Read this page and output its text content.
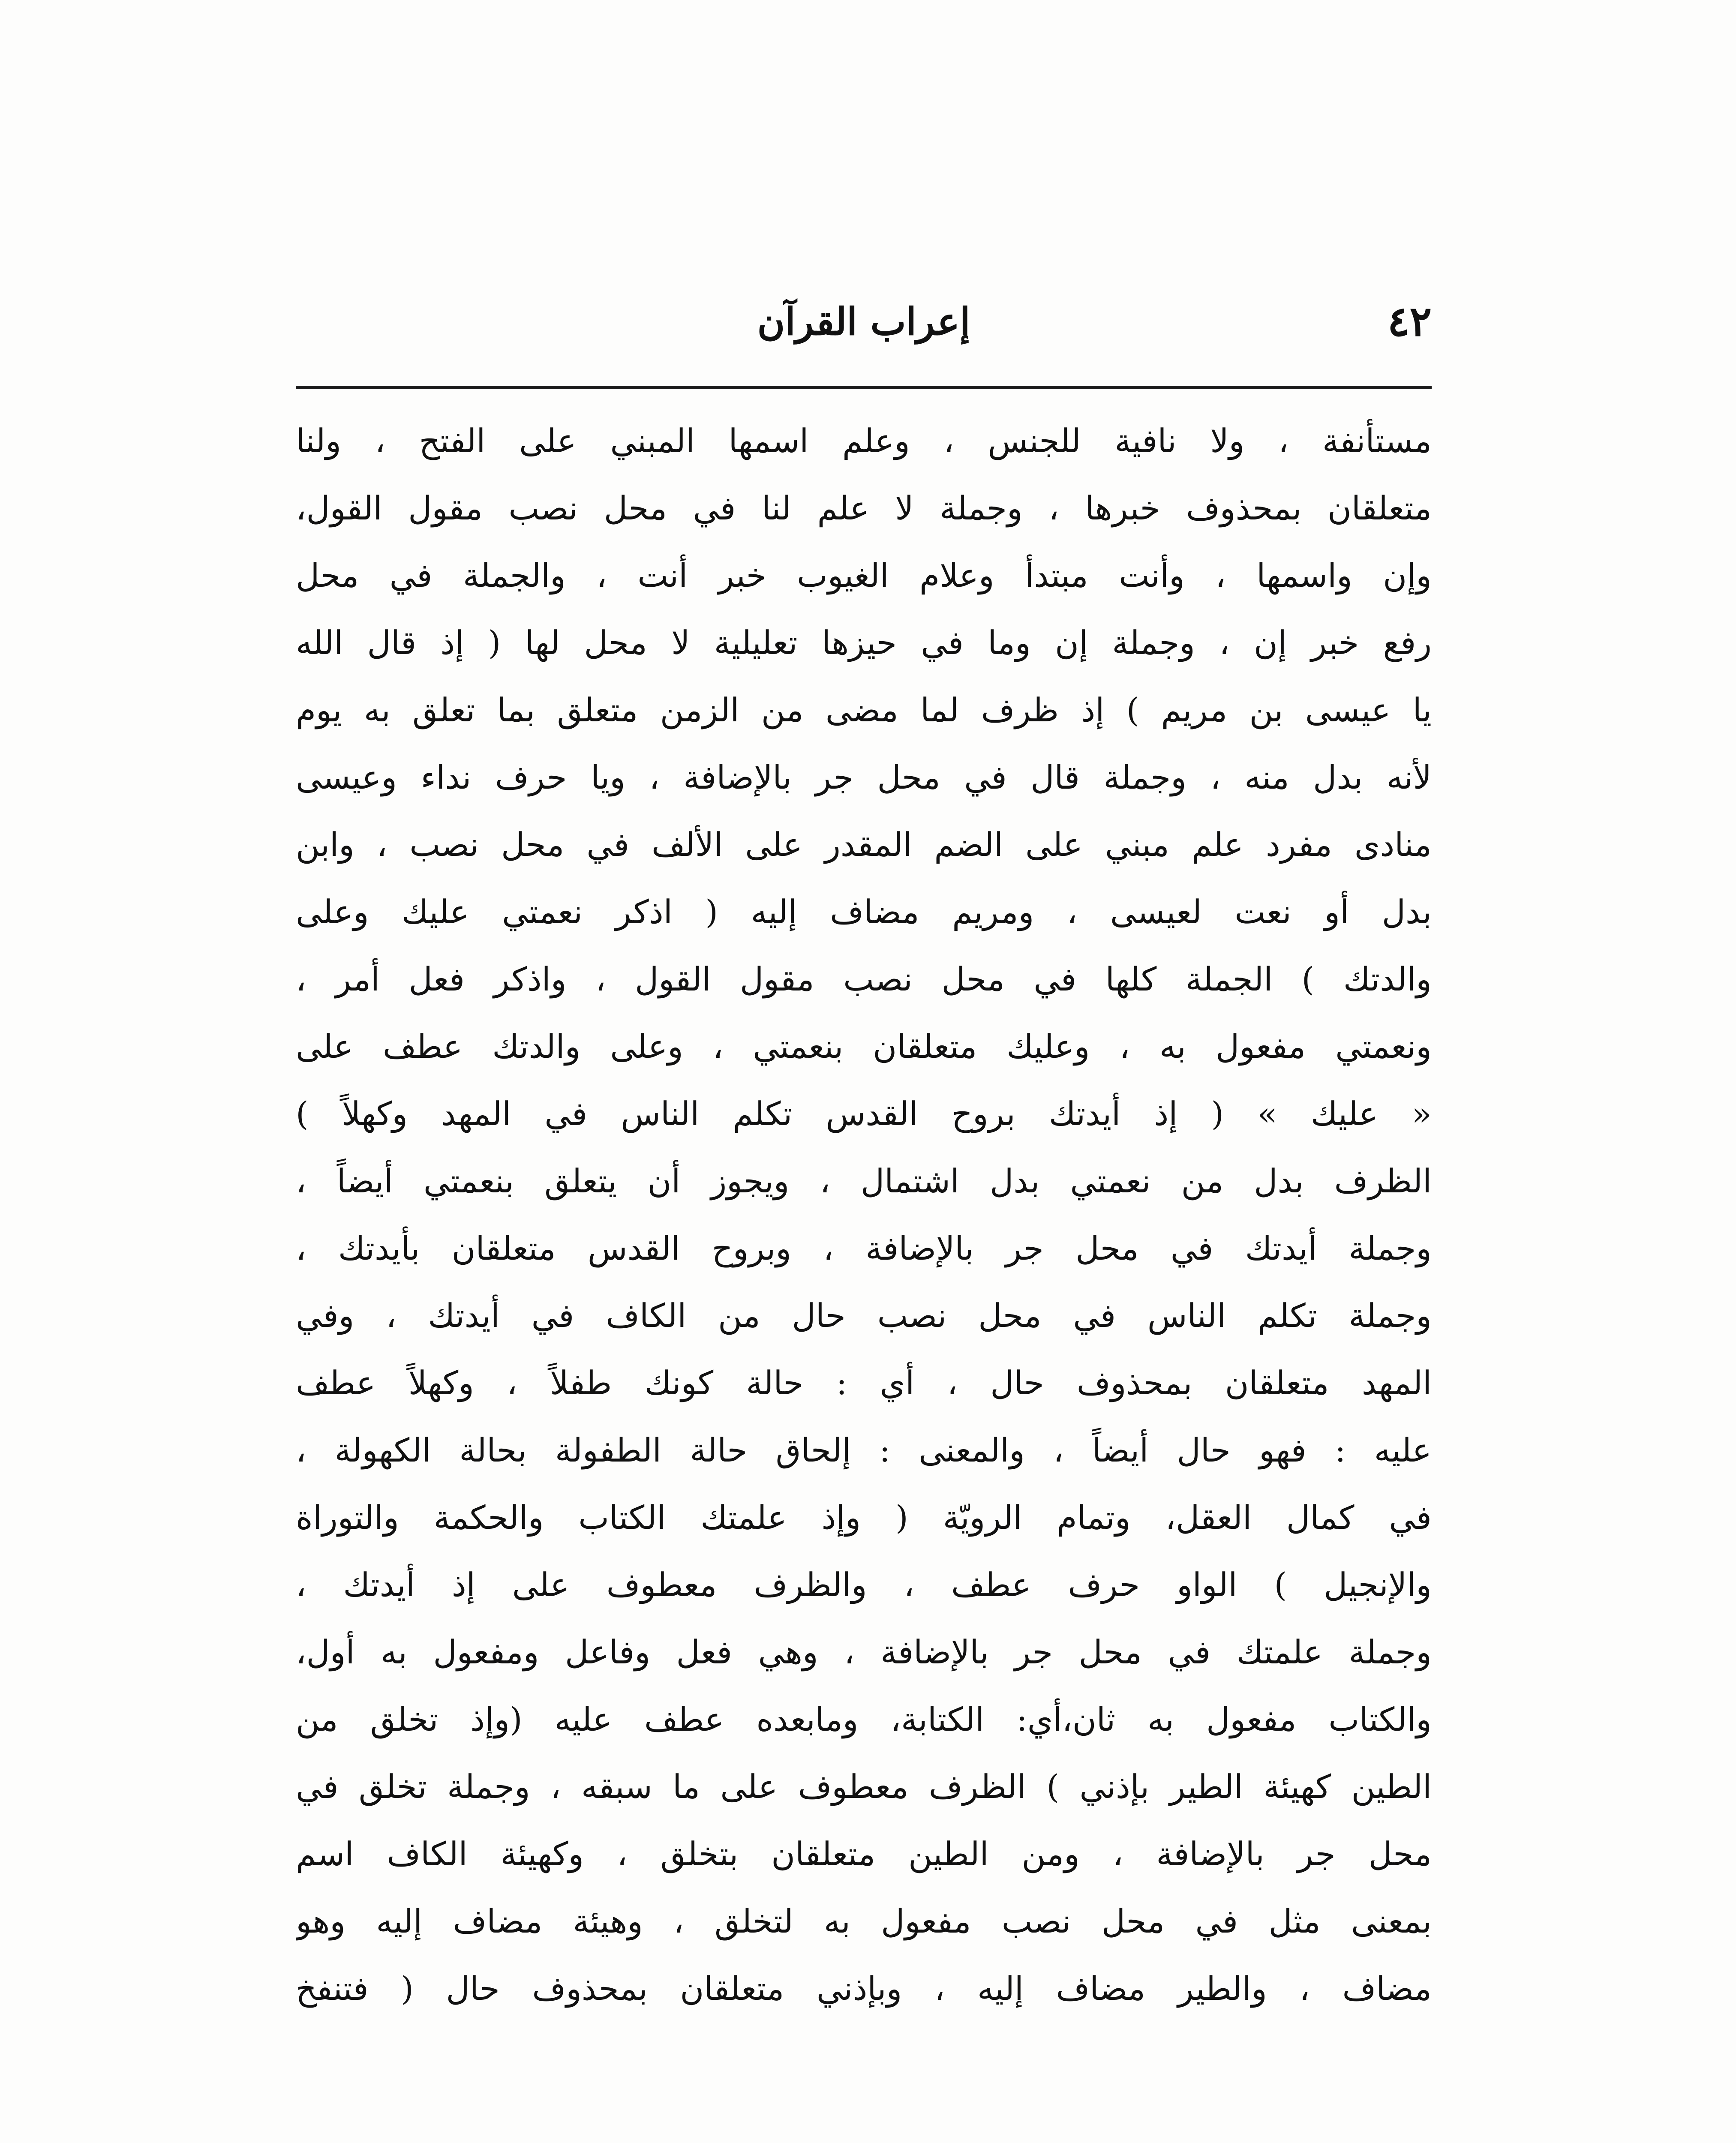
٤٢
إعراب القرآن
مستأنفة ، ولا نافية للجنس ، وعلم اسمها المبني على الفتح ، ولنا
متعلقان بمحذوف خبرها ، وجملة لا علم لنا في محل نصب مقول القول،
وإن واسمها ، وأنت مبتدأ وعلام الغيوب خبر أنت ، والجملة في محل
رفع خبر إن ، وجملة إن وما في حيزها تعليلية لا محل لها ( إذ قال الله
يا عيسى بن مريم ) إذ ظرف لما مضى من الزمن متعلق بما تعلق به يوم
لأنه بدل منه ، وجملة قال في محل جر بالإضافة ، ويا حرف نداء وعيسى
منادى مفرد علم مبني على الضم المقدر على الألف في محل نصب ، وابن
بدل أو نعت لعيسى ، ومريم مضاف إليه ( اذكر نعمتي عليك وعلى
والدتك ) الجملة كلها في محل نصب مقول القول ، واذكر فعل أمر ،
ونعمتي مفعول به ، وعليك متعلقان بنعمتي ، وعلى والدتك عطف على
« عليك » ( إذ أيدتك بروح القدس تكلم الناس في المهد وكهلاً )
الظرف بدل من نعمتي بدل اشتمال ، ويجوز أن يتعلق بنعمتي أيضاً ،
وجملة أيدتك في محل جر بالإضافة ، وبروح القدس متعلقان بأيدتك ،
وجملة تكلم الناس في محل نصب حال من الكاف في أيدتك ، وفي
المهد متعلقان بمحذوف حال ، أي : حالة كونك طفلاً ، وكهلاً عطف
عليه : فهو حال أيضاً ، والمعنى : إلحاق حالة الطفولة بحالة الكهولة ،
في كمال العقل، وتمام الرويّة ( وإذ علمتك الكتاب والحكمة والتوراة
والإنجيل ) الواو حرف عطف ، والظرف معطوف على إذ أيدتك ،
وجملة علمتك في محل جر بالإضافة ، وهي فعل وفاعل ومفعول به أول،
والكتاب مفعول به ثان،أي: الكتابة، ومابعده عطف عليه (وإذ تخلق من
الطين كهيئة الطير بإذني ) الظرف معطوف على ما سبقه ، وجملة تخلق في
محل جر بالإضافة ، ومن الطين متعلقان بتخلق ، وكهيئة الكاف اسم
بمعنى مثل في محل نصب مفعول به لتخلق ، وهيئة مضاف إليه وهو
مضاف ، والطير مضاف إليه ، وبإذني متعلقان بمحذوف حال ( فتنفخ
